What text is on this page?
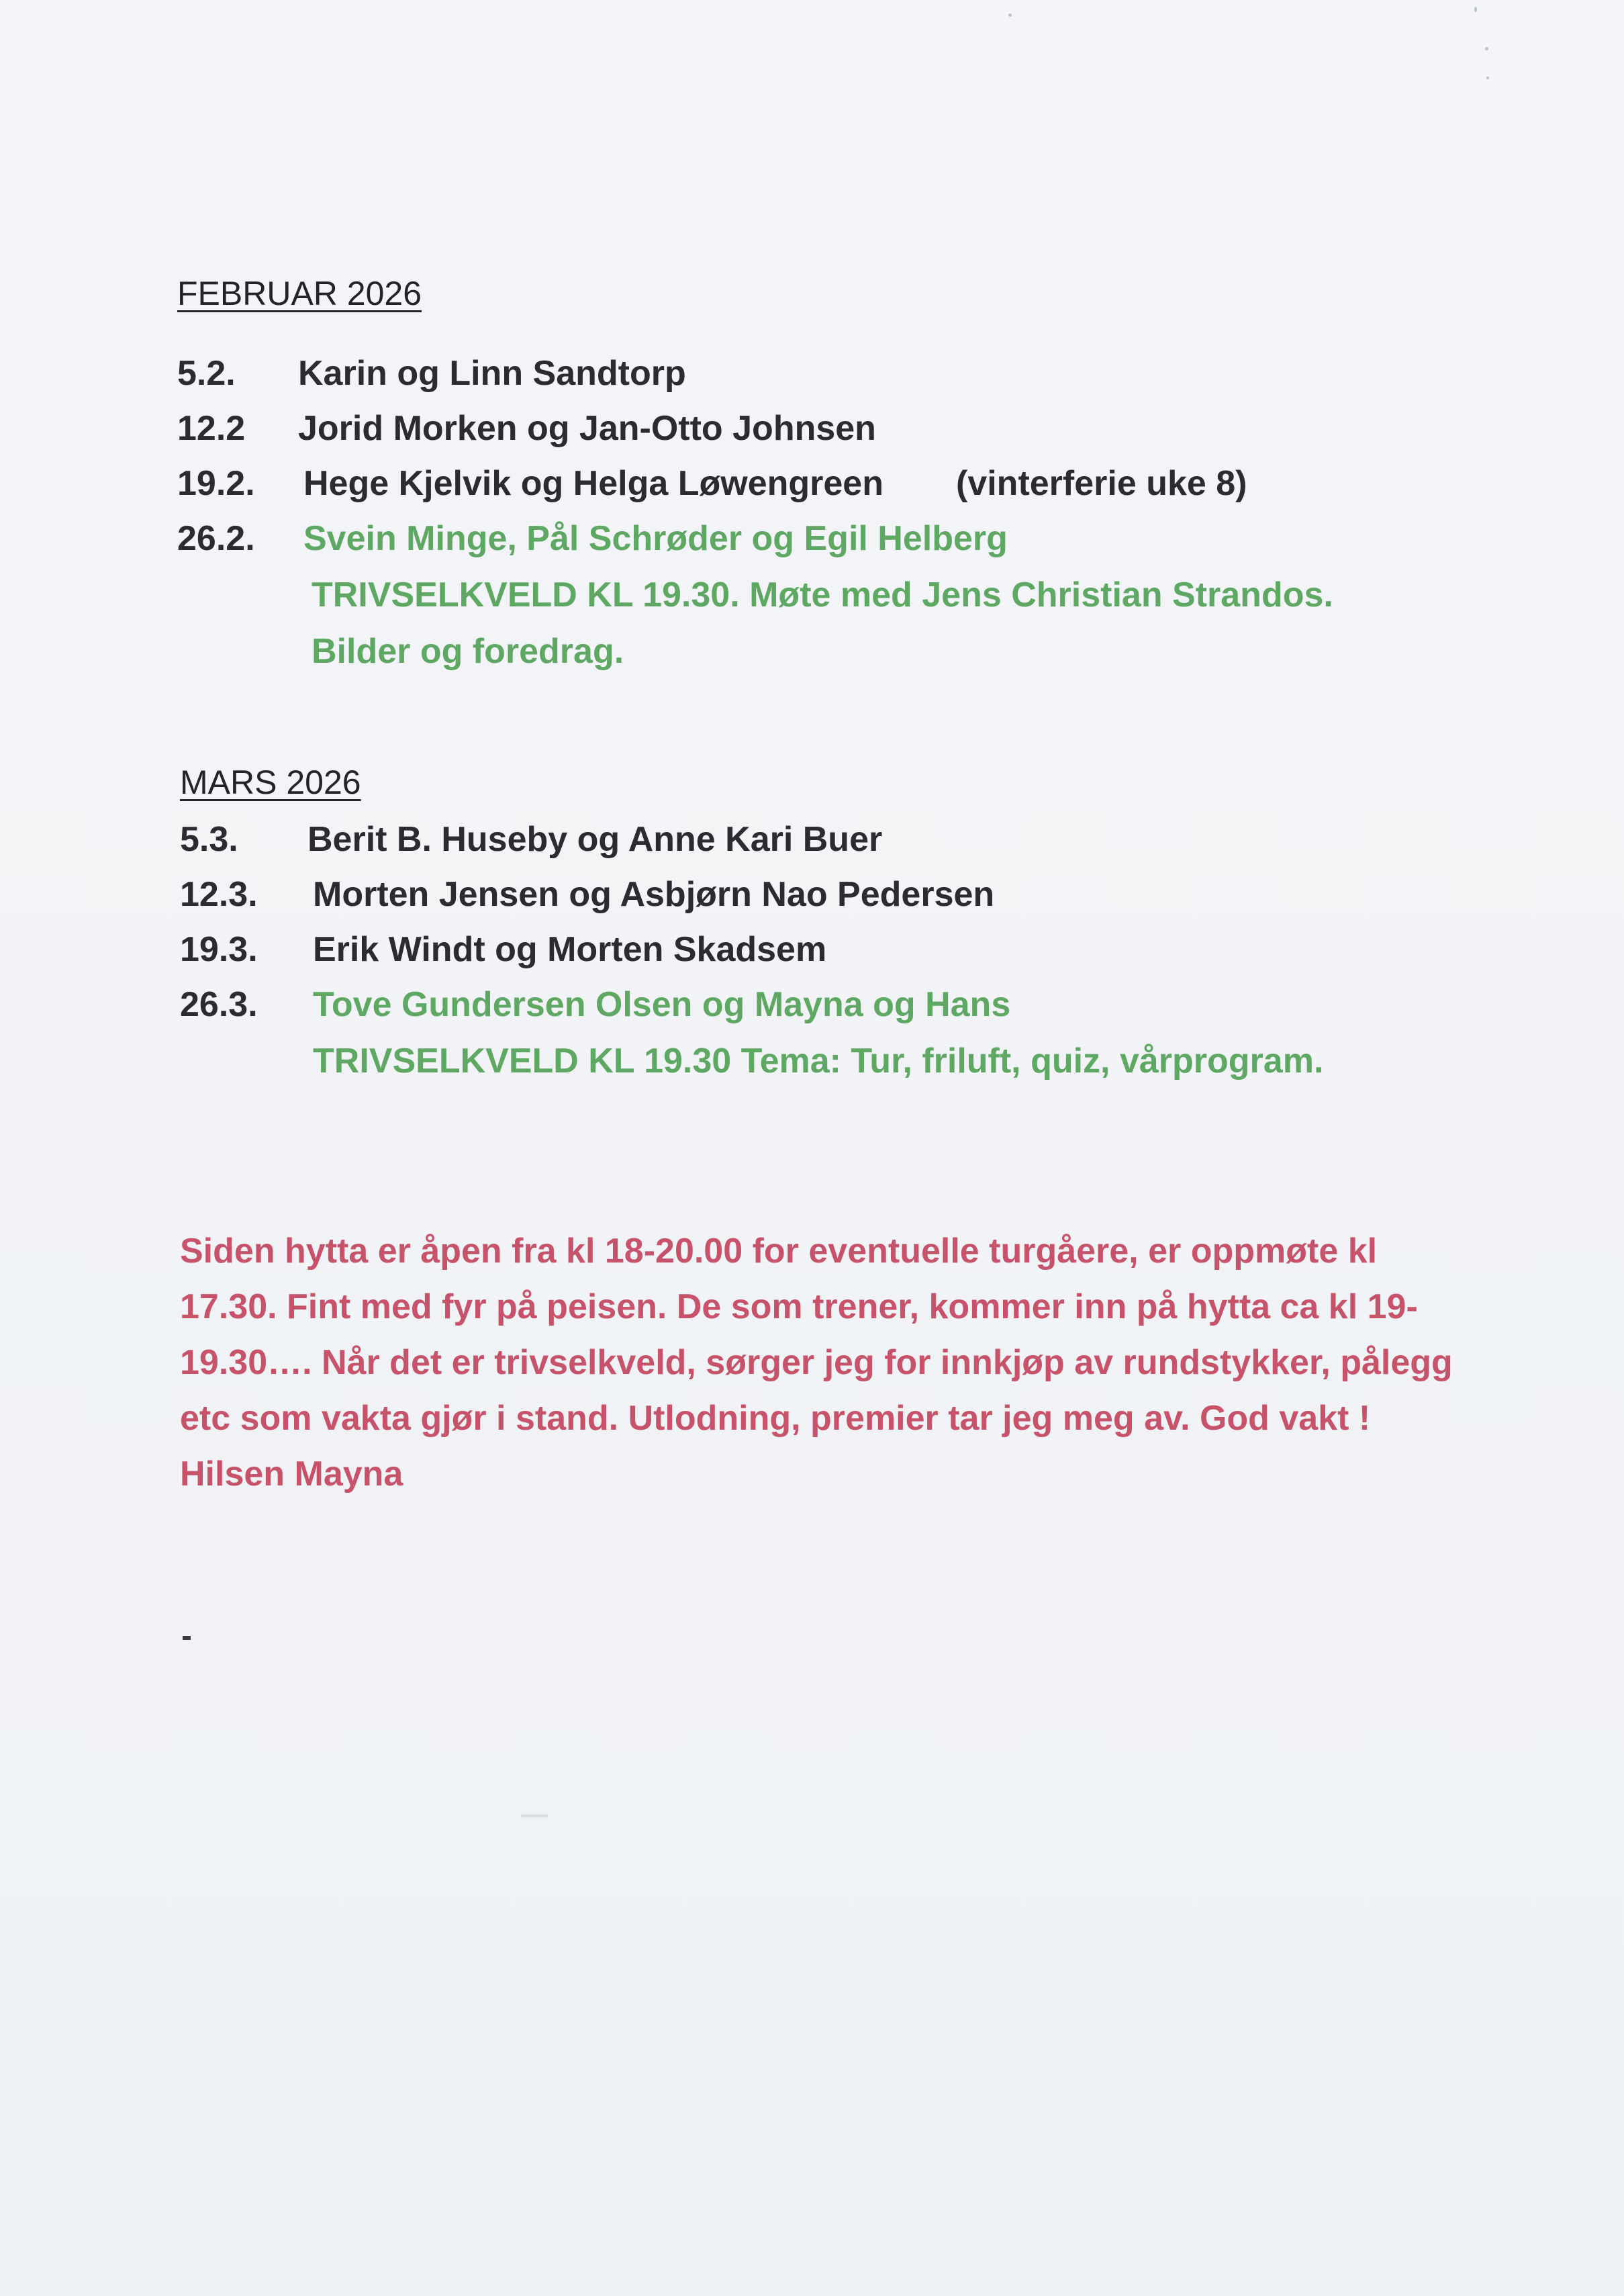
FEBRUAR 2026
5.2. Karin og Linn Sandtorp
12.2 Jorid Morken og Jan-Otto Johnsen
19.2. Hege Kjelvik og Helga Løwengreen (vinterferie uke 8)
26.2. Svein Minge, Pål Schrøder og Egil Helberg
TRIVSELKVELD KL 19.30. Møte med Jens Christian Strandos.
Bilder og foredrag.
MARS 2026
5.3. Berit B. Huseby og Anne Kari Buer
12.3. Morten Jensen og Asbjørn Nao Pedersen
19.3. Erik Windt og Morten Skadsem
26.3. Tove Gundersen Olsen og Mayna og Hans
TRIVSELKVELD KL 19.30 Tema: Tur, friluft, quiz, vårprogram.
Siden hytta er åpen fra kl 18-20.00 for eventuelle turgåere, er oppmøte kl 17.30. Fint med fyr på peisen. De som trener, kommer inn på hytta ca kl 19-19.30…. Når det er trivselkveld, sørger jeg for innkjøp av rundstykker, pålegg etc som vakta gjør i stand. Utlodning, premier tar jeg meg av. God vakt ! Hilsen Mayna
